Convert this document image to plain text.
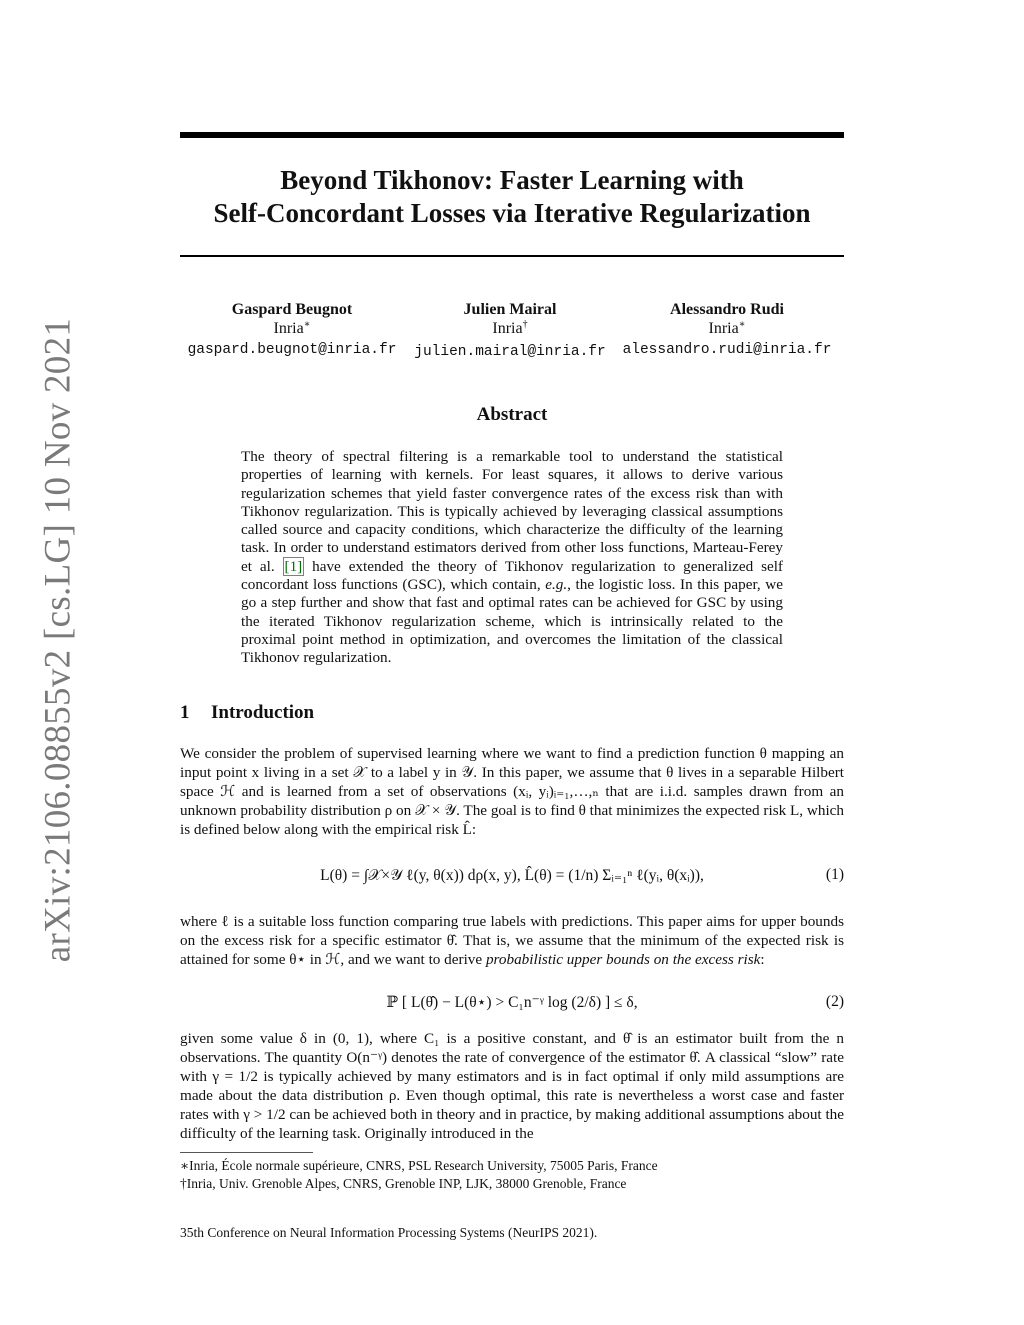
arXiv:2106.08855v2 [cs.LG] 10 Nov 2021
Beyond Tikhonov: Faster Learning with
Self-Concordant Losses via Iterative Regularization
Gaspard Beugnot
Inria∗
gaspard.beugnot@inria.fr
Julien Mairal
Inria†
julien.mairal@inria.fr
Alessandro Rudi
Inria∗
alessandro.rudi@inria.fr
Abstract
The theory of spectral filtering is a remarkable tool to understand the statistical properties of learning with kernels. For least squares, it allows to derive various regularization schemes that yield faster convergence rates of the excess risk than with Tikhonov regularization. This is typically achieved by leveraging classical assumptions called source and capacity conditions, which characterize the difficulty of the learning task. In order to understand estimators derived from other loss functions, Marteau-Ferey et al. [1] have extended the theory of Tikhonov regularization to generalized self concordant loss functions (GSC), which contain, e.g., the logistic loss. In this paper, we go a step further and show that fast and optimal rates can be achieved for GSC by using the iterated Tikhonov regularization scheme, which is intrinsically related to the proximal point method in optimization, and overcomes the limitation of the classical Tikhonov regularization.
1 Introduction

We consider the problem of supervised learning where we want to find a prediction function θ mapping an input point x living in a set 𝒳 to a label y in 𝒴. In this paper, we assume that θ lives in a separable Hilbert space ℋ and is learned from a set of observations (xᵢ, yᵢ)ᵢ₌₁,…,ₙ that are i.i.d. samples drawn from an unknown probability distribution ρ on 𝒳 × 𝒴. The goal is to find θ that minimizes the expected risk L, which is defined below along with the empirical risk L̂:

L(θ) = ∫𝒳×𝒴 ℓ(y, θ(x)) dρ(x, y), L̂(θ) = (1/n) Σᵢ₌₁ⁿ ℓ(yᵢ, θ(xᵢ)),	(1)

where ℓ is a suitable loss function comparing true labels with predictions. This paper aims for upper bounds on the excess risk for a specific estimator θ̂. That is, we assume that the minimum of the expected risk is attained for some θ⋆ in ℋ, and we want to derive probabilistic upper bounds on the excess risk:

ℙ [ L(θ̂) − L(θ⋆) > C₁n⁻ᵞ log (2/δ) ] ≤ δ,	(2)

given some value δ in (0, 1), where C₁ is a positive constant, and θ̂ is an estimator built from the n observations. The quantity O(n⁻ᵞ) denotes the rate of convergence of the estimator θ̂. A classical “slow” rate with γ = 1/2 is typically achieved by many estimators and is in fact optimal if only mild assumptions are made about the data distribution ρ. Even though optimal, this rate is nevertheless a worst case and faster rates with γ > 1/2 can be achieved both in theory and in practice, by making additional assumptions about the difficulty of the learning task. Originally introduced in the

∗Inria, École normale supérieure, CNRS, PSL Research University, 75005 Paris, France
†Inria, Univ. Grenoble Alpes, CNRS, Grenoble INP, LJK, 38000 Grenoble, France
35th Conference on Neural Information Processing Systems (NeurIPS 2021).
